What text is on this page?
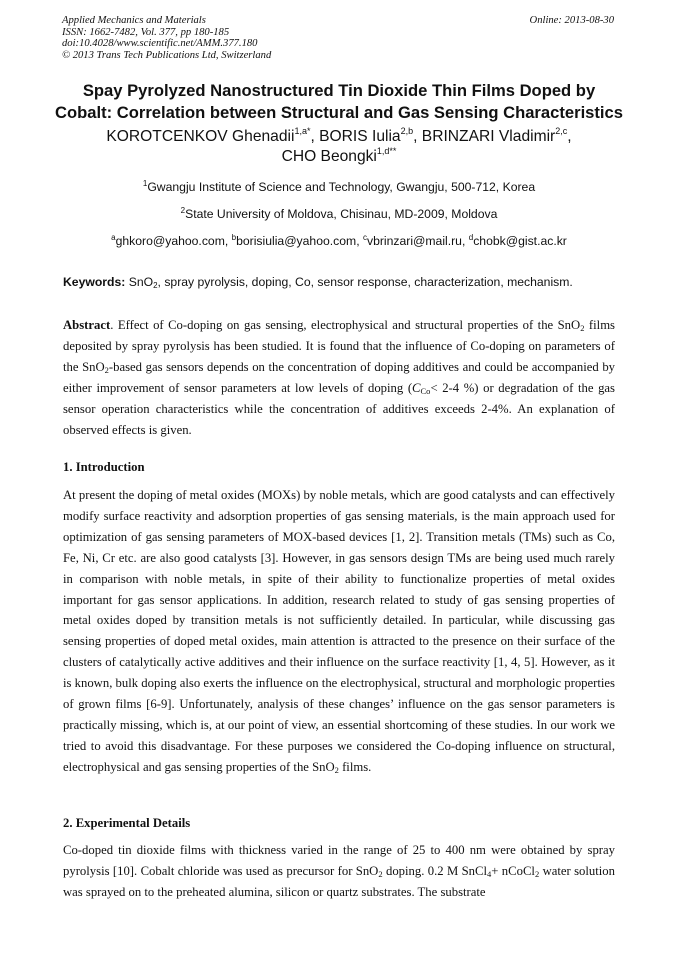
Applied Mechanics and Materials
ISSN: 1662-7482, Vol. 377, pp 180-185
doi:10.4028/www.scientific.net/AMM.377.180
© 2013 Trans Tech Publications Ltd, Switzerland
Online: 2013-08-30
Spay Pyrolyzed Nanostructured Tin Dioxide Thin Films Doped by
Cobalt: Correlation between Structural and Gas Sensing Characteristics
KOROTCENKOV Ghenadii$^{1,a*}$, BORIS Iulia$^{2,b}$, BRINZARI Vladimir$^{2,c}$,
CHO Beongki$^{1,d**}$
$^1$Gwangju Institute of Science and Technology, Gwangju, 500-712, Korea
$^2$State University of Moldova, Chisinau, MD-2009, Moldova
$^a$ghkoro@yahoo.com, $^b$borisiulia@yahoo.com, $^c$vbrinzari@mail.ru, $^d$chobk@gist.ac.kr
Keywords: SnO$_2$, spray pyrolysis, doping, Co, sensor response, characterization, mechanism.
Abstract. Effect of Co-doping on gas sensing, electrophysical and structural properties of the SnO$_2$ films deposited by spray pyrolysis has been studied. It is found that the influence of Co-doping on parameters of the SnO$_2$-based gas sensors depends on the concentration of doping additives and could be accompanied by either improvement of sensor parameters at low levels of doping ($C_{Co}< 2-4$ %) or degradation of the gas sensor operation characteristics while the concentration of additives exceeds 2-4%. An explanation of observed effects is given.
1. Introduction
At present the doping of metal oxides (MOXs) by noble metals, which are good catalysts and can effectively modify surface reactivity and adsorption properties of gas sensing materials, is the main approach used for optimization of gas sensing parameters of MOX-based devices [1, 2]. Transition metals (TMs) such as Co, Fe, Ni, Cr etc. are also good catalysts [3]. However, in gas sensors design TMs are being used much rarely in comparison with noble metals, in spite of their ability to functionalize properties of metal oxides important for gas sensor applications. In addition, research related to study of gas sensing properties of metal oxides doped by transition metals is not sufficiently detailed. In particular, while discussing gas sensing properties of doped metal oxides, main attention is attracted to the presence on their surface of the clusters of catalytically active additives and their influence on the surface reactivity [1, 4, 5]. However, as it is known, bulk doping also exerts the influence on the electrophysical, structural and morphologic properties of grown films [6-9]. Unfortunately, analysis of these changes’ influence on the gas sensor parameters is practically missing, which is, at our point of view, an essential shortcoming of these studies. In our work we tried to avoid this disadvantage. For these purposes we considered the Co-doping influence on structural, electrophysical and gas sensing properties of the SnO$_2$ films.
2. Experimental Details
Co-doped tin dioxide films with thickness varied in the range of 25 to 400 nm were obtained by spray pyrolysis [10]. Cobalt chloride was used as precursor for SnO$_2$ doping. 0.2 M SnCl$_4$+ nCoCl$_2$ water solution was sprayed on to the preheated alumina, silicon or quartz substrates. The substrate
